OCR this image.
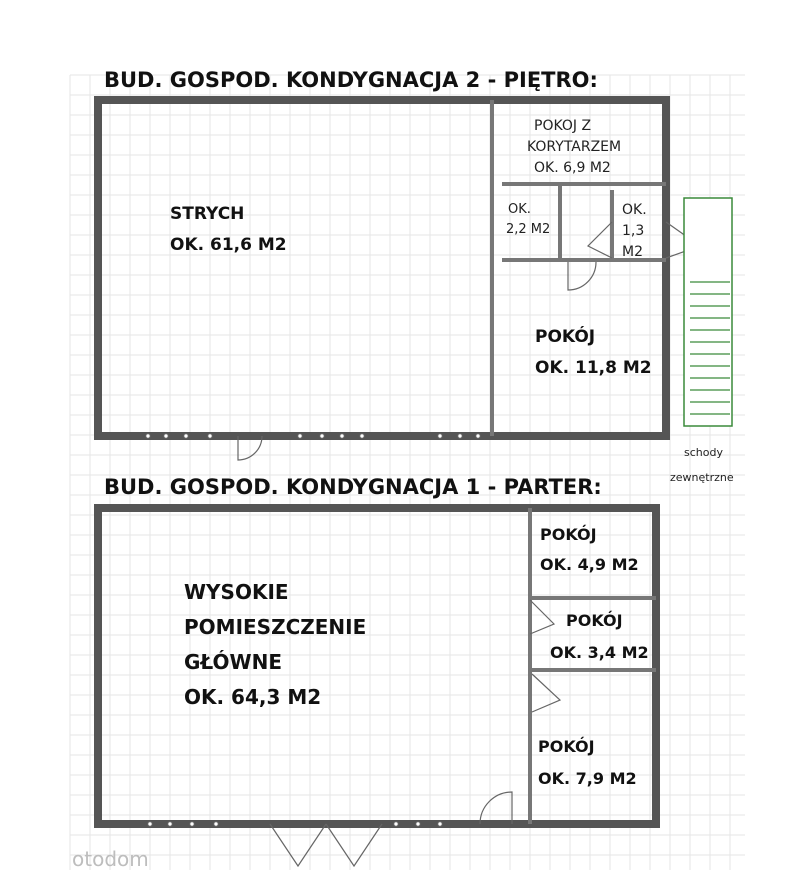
BUD. GOSPOD. KONDYGNACJA 2 - PIĘTRO:
STRYCH OK. 61,6 M2
POKOJ Z KORYTARZEM OK. 6,9 M2
OK. 2,2 M2
OK. 1,3 M2
POKÓJ OK. 11,8 M2
schody zewnętrzne
BUD. GOSPOD. KONDYGNACJA 1 - PARTER:
WYSOKIE POMIESZCZENIE GŁÓWNE OK. 64,3 M2
POKÓJ OK. 4,9 M2
POKÓJ OK. 3,4 M2
POKÓJ OK. 7,9 M2
otodom
